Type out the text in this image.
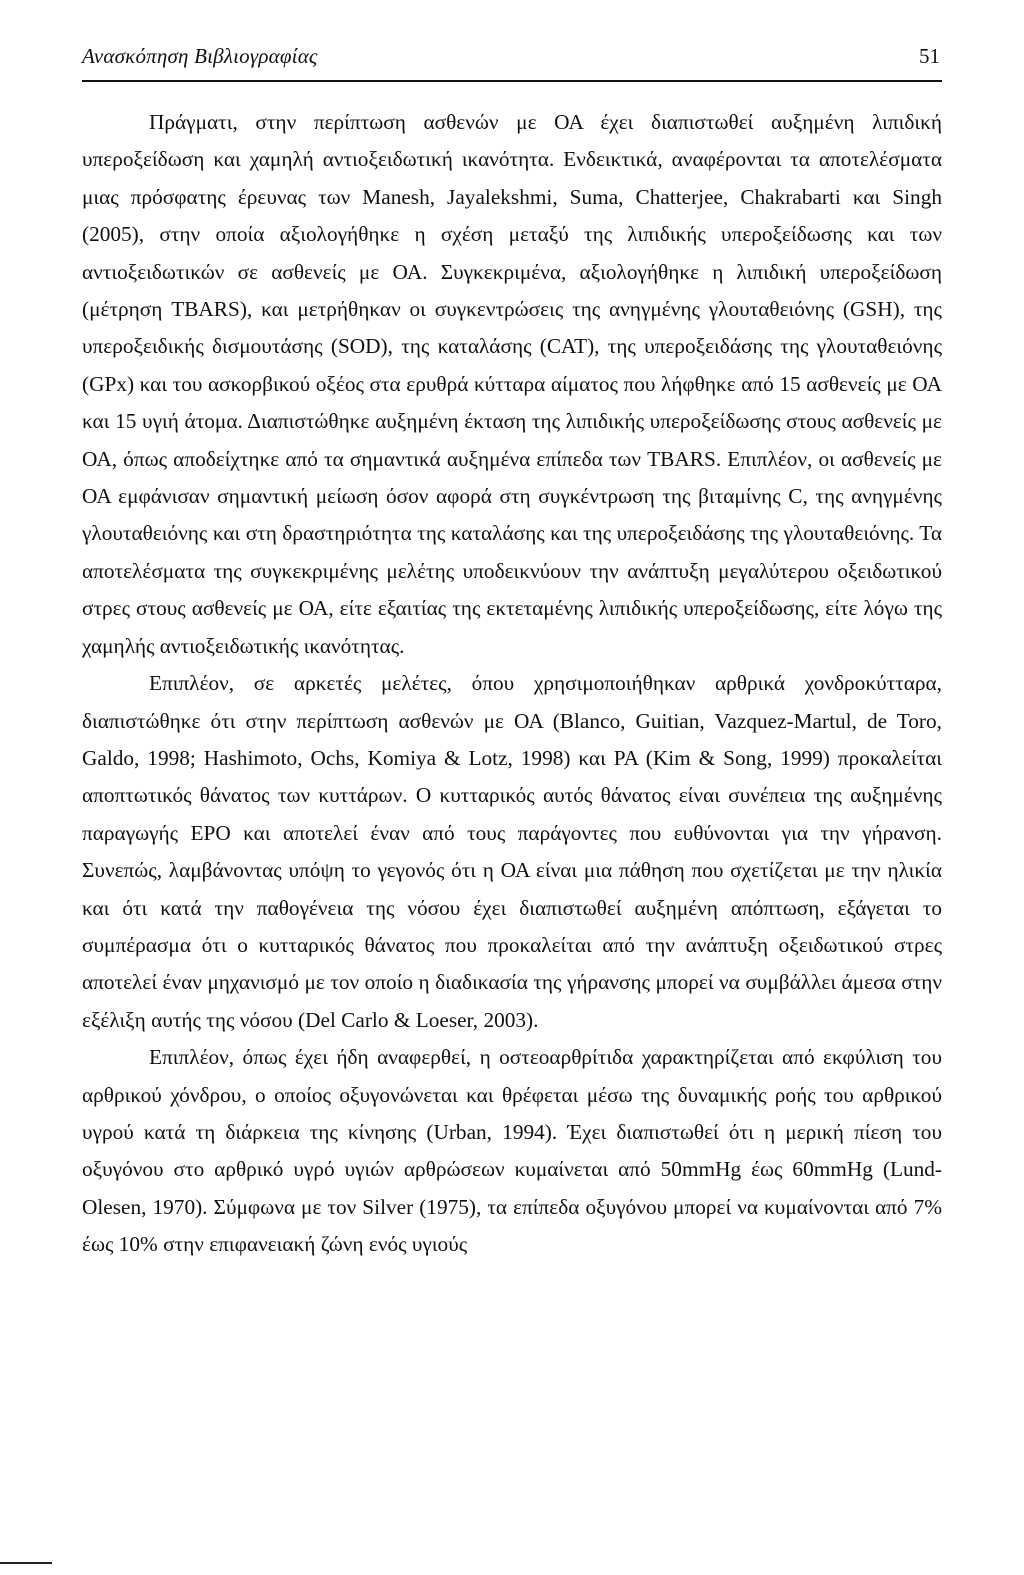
Ανασκόπηση Βιβλιογραφίας	51

Πράγματι, στην περίπτωση ασθενών με ΟΑ έχει διαπιστωθεί αυξημένη λιπιδική υπεροξείδωση και χαμηλή αντιοξειδωτική ικανότητα. Ενδεικτικά, αναφέρονται τα αποτελέσματα μιας πρόσφατης έρευνας των Manesh, Jayalekshmi, Suma, Chatterjee, Chakrabarti και Singh (2005), στην οποία αξιολογήθηκε η σχέση μεταξύ της λιπιδικής υπεροξείδωσης και των αντιοξειδωτικών σε ασθενείς με ΟΑ. Συγκεκριμένα, αξιολογήθηκε η λιπιδική υπεροξείδωση (μέτρηση TBARS), και μετρήθηκαν οι συγκεντρώσεις της ανηγμένης γλουταθειόνης (GSH), της υπεροξειδικής δισμουτάσης (SOD), της καταλάσης (CAT), της υπεροξειδάσης της γλουταθειόνης (GPx) και του ασκορβικού οξέος στα ερυθρά κύτταρα αίματος που λήφθηκε από 15 ασθενείς με ΟΑ και 15 υγιή άτομα. Διαπιστώθηκε αυξημένη έκταση της λιπιδικής υπεροξείδωσης στους ασθενείς με ΟΑ, όπως αποδείχτηκε από τα σημαντικά αυξημένα επίπεδα των TBARS. Επιπλέον, οι ασθενείς με ΟΑ εμφάνισαν σημαντική μείωση όσον αφορά στη συγκέντρωση της βιταμίνης C, της ανηγμένης γλουταθειόνης και στη δραστηριότητα της καταλάσης και της υπεροξειδάσης της γλουταθειόνης. Τα αποτελέσματα της συγκεκριμένης μελέτης υποδεικνύουν την ανάπτυξη μεγαλύτερου οξειδωτικού στρες στους ασθενείς με ΟΑ, είτε εξαιτίας της εκτεταμένης λιπιδικής υπεροξείδωσης, είτε λόγω της χαμηλής αντιοξειδωτικής ικανότητας.

Επιπλέον, σε αρκετές μελέτες, όπου χρησιμοποιήθηκαν αρθρικά χονδροκύτταρα, διαπιστώθηκε ότι στην περίπτωση ασθενών με ΟΑ (Blanco, Guitian, Vazquez-Martul, de Toro, Galdo, 1998; Hashimoto, Ochs, Komiya & Lotz, 1998) και ΡΑ (Kim & Song, 1999) προκαλείται αποπτωτικός θάνατος των κυττάρων. Ο κυτταρικός αυτός θάνατος είναι συνέπεια της αυξημένης παραγωγής EPO και αποτελεί έναν από τους παράγοντες που ευθύνονται για την γήρανση. Συνεπώς, λαμβάνοντας υπόψη το γεγονός ότι η ΟΑ είναι μια πάθηση που σχετίζεται με την ηλικία και ότι κατά την παθογένεια της νόσου έχει διαπιστωθεί αυξημένη απόπτωση, εξάγεται το συμπέρασμα ότι ο κυτταρικός θάνατος που προκαλείται από την ανάπτυξη οξειδωτικού στρες αποτελεί έναν μηχανισμό με τον οποίο η διαδικασία της γήρανσης μπορεί να συμβάλλει άμεσα στην εξέλιξη αυτής της νόσου (Del Carlo & Loeser, 2003).

Επιπλέον, όπως έχει ήδη αναφερθεί, η οστεοαρθρίτιδα χαρακτηρίζεται από εκφύλιση του αρθρικού χόνδρου, ο οποίος οξυγονώνεται και θρέφεται μέσω της δυναμικής ροής του αρθρικού υγρού κατά τη διάρκεια της κίνησης (Urban, 1994). Έχει διαπιστωθεί ότι η μερική πίεση του οξυγόνου στο αρθρικό υγρό υγιών αρθρώσεων κυμαίνεται από 50mmHg έως 60mmHg (Lund-Olesen, 1970). Σύμφωνα με τον Silver (1975), τα επίπεδα οξυγόνου μπορεί να κυμαίνονται από 7% έως 10% στην επιφανειακή ζώνη ενός υγιούς
